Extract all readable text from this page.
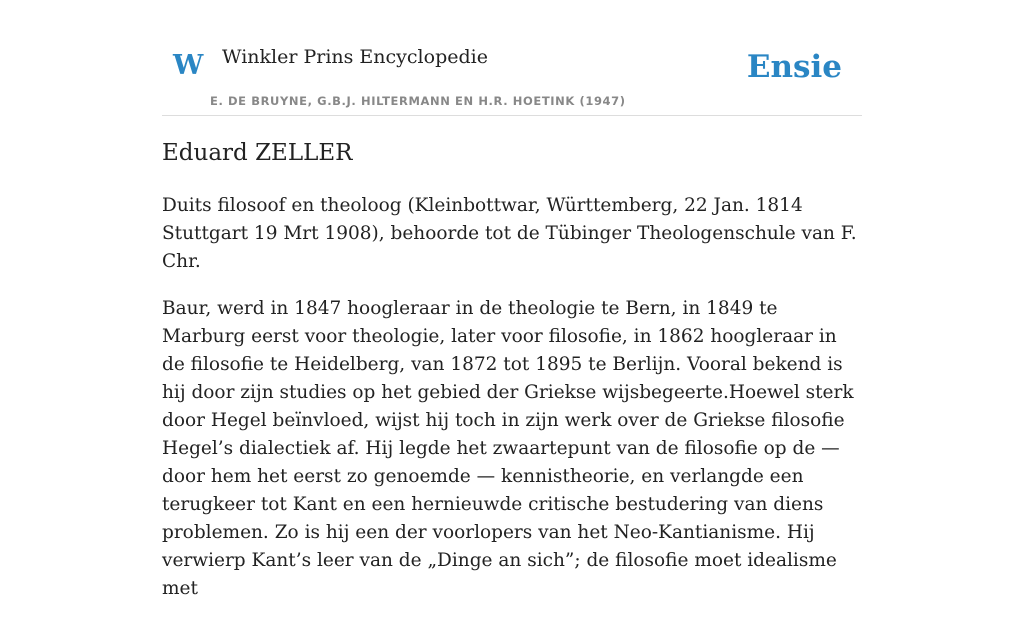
W Winkler Prins Encyclopedie
E. DE BRUYNE, G.B.J. HILTERMANN EN H.R. HOETINK (1947)
Ensie
Eduard ZELLER

Duits filosoof en theoloog (Kleinbottwar, Württemberg, 22 Jan. 1814 Stuttgart 19 Mrt 1908), behoorde tot de Tübinger Theologenschule van F. Chr.

Baur, werd in 1847 hoogleraar in de theologie te Bern, in 1849 te Marburg eerst voor theologie, later voor filosofie, in 1862 hoogleraar in de filosofie te Heidelberg, van 1872 tot 1895 te Berlijn. Vooral bekend is hij door zijn studies op het gebied der Griekse wijsbegeerte.Hoewel sterk door Hegel beïnvloed, wijst hij toch in zijn werk over de Griekse filosofie Hegel’s dialectiek af. Hij legde het zwaartepunt van de filosofie op de — door hem het eerst zo genoemde — kennistheorie, en verlangde een terugkeer tot Kant en een hernieuwde critische bestudering van diens problemen. Zo is hij een der voorlopers van het Neo-Kantianisme. Hij verwierp Kant’s leer van de „Dinge an sich”; de filosofie moet idealisme met
